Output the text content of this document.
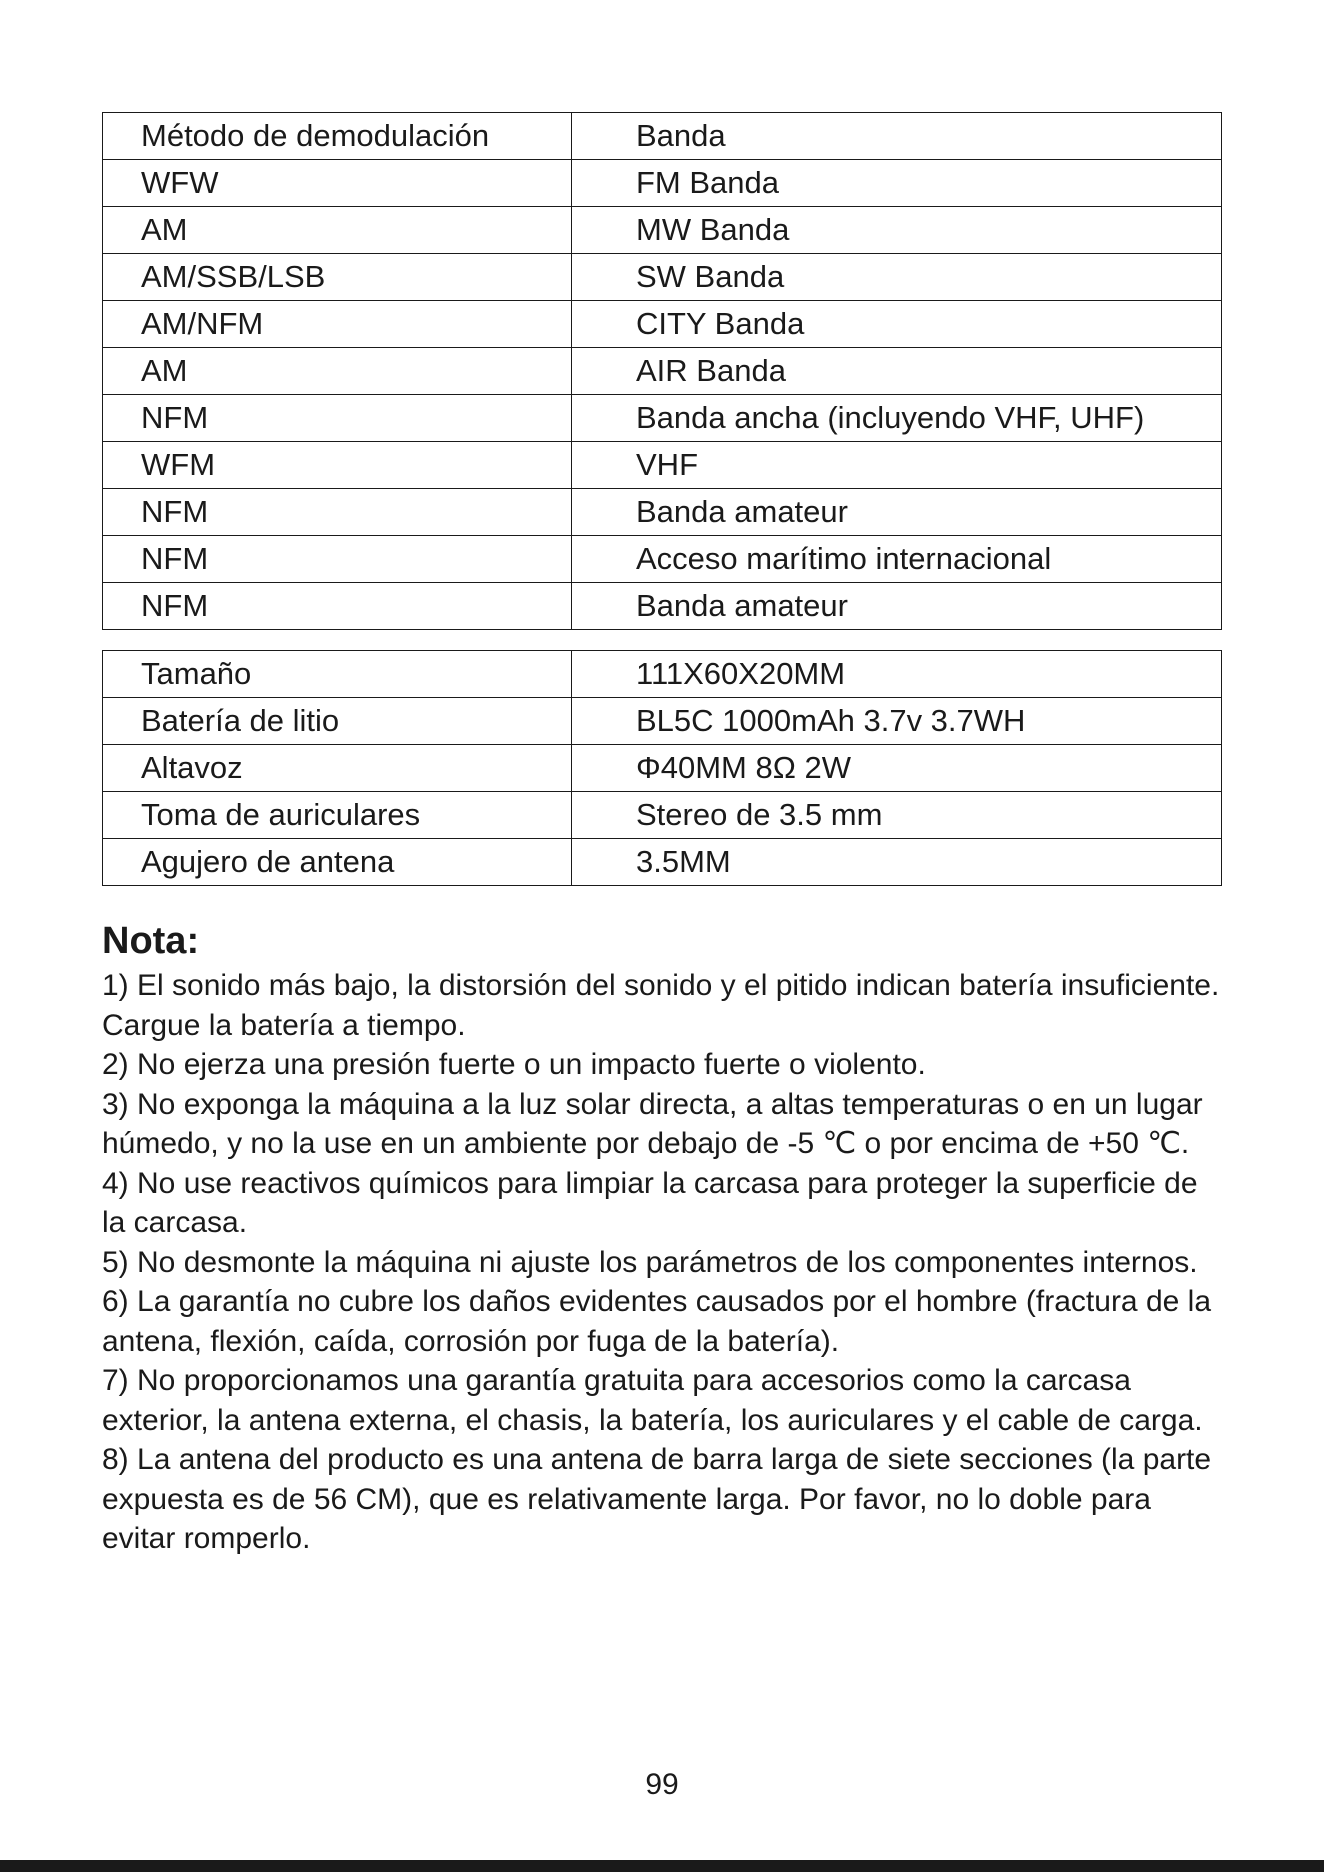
Método de demodulación	Banda
WFW	FM Banda
AM	MW Banda
AM/SSB/LSB	SW Banda
AM/NFM	CITY Banda
AM	AIR Banda
NFM	Banda ancha (incluyendo VHF, UHF)
WFM	VHF
NFM	Banda amateur
NFM	Acceso marítimo internacional
NFM	Banda amateur
Tamaño	111X60X20MM
Batería de litio	BL5C 1000mAh 3.7v 3.7WH
Altavoz	Φ40MM 8Ω 2W
Toma de auriculares	Stereo de 3.5 mm
Agujero de antena	3.5MM
Nota:
1) El sonido más bajo, la distorsión del sonido y el pitido indican batería insuficiente. Cargue la batería a tiempo.
2) No ejerza una presión fuerte o un impacto fuerte o violento.
3) No exponga la máquina a la luz solar directa, a altas temperaturas o en un lugar húmedo, y no la use en un ambiente por debajo de -5 ℃ o por encima de +50 ℃.
4) No use reactivos químicos para limpiar la carcasa para proteger la superficie de la carcasa.
5) No desmonte la máquina ni ajuste los parámetros de los componentes internos.
6) La garantía no cubre los daños evidentes causados por el hombre (fractura de la antena, flexión, caída, corrosión por fuga de la batería).
7) No proporcionamos una garantía gratuita para accesorios como la carcasa exterior, la antena externa, el chasis, la batería, los auriculares y el cable de carga.
8) La antena del producto es una antena de barra larga de siete secciones (la parte expuesta es de 56 CM), que es relativamente larga. Por favor, no lo doble para evitar romperlo.
99
